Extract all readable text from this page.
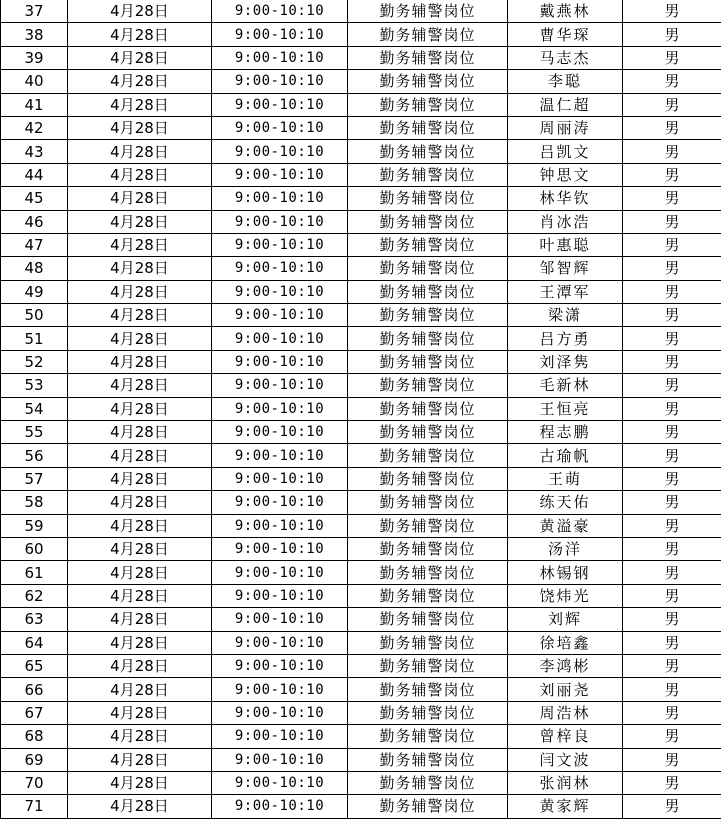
37	4月28日	9:00-10:10	勤务辅警岗位	戴燕林	男
38	4月28日	9:00-10:10	勤务辅警岗位	曹华琛	男
39	4月28日	9:00-10:10	勤务辅警岗位	马志杰	男
40	4月28日	9:00-10:10	勤务辅警岗位	李聪	男
41	4月28日	9:00-10:10	勤务辅警岗位	温仁超	男
42	4月28日	9:00-10:10	勤务辅警岗位	周丽涛	男
43	4月28日	9:00-10:10	勤务辅警岗位	吕凯文	男
44	4月28日	9:00-10:10	勤务辅警岗位	钟思文	男
45	4月28日	9:00-10:10	勤务辅警岗位	林华钦	男
46	4月28日	9:00-10:10	勤务辅警岗位	肖冰浩	男
47	4月28日	9:00-10:10	勤务辅警岗位	叶惠聪	男
48	4月28日	9:00-10:10	勤务辅警岗位	邹智辉	男
49	4月28日	9:00-10:10	勤务辅警岗位	王潭军	男
50	4月28日	9:00-10:10	勤务辅警岗位	梁潇	男
51	4月28日	9:00-10:10	勤务辅警岗位	吕方勇	男
52	4月28日	9:00-10:10	勤务辅警岗位	刘泽隽	男
53	4月28日	9:00-10:10	勤务辅警岗位	毛新林	男
54	4月28日	9:00-10:10	勤务辅警岗位	王恒亮	男
55	4月28日	9:00-10:10	勤务辅警岗位	程志鹏	男
56	4月28日	9:00-10:10	勤务辅警岗位	古瑜帆	男
57	4月28日	9:00-10:10	勤务辅警岗位	王萌	男
58	4月28日	9:00-10:10	勤务辅警岗位	练天佑	男
59	4月28日	9:00-10:10	勤务辅警岗位	黄溢豪	男
60	4月28日	9:00-10:10	勤务辅警岗位	汤洋	男
61	4月28日	9:00-10:10	勤务辅警岗位	林锡钢	男
62	4月28日	9:00-10:10	勤务辅警岗位	饶炜光	男
63	4月28日	9:00-10:10	勤务辅警岗位	刘辉	男
64	4月28日	9:00-10:10	勤务辅警岗位	徐培鑫	男
65	4月28日	9:00-10:10	勤务辅警岗位	李鸿彬	男
66	4月28日	9:00-10:10	勤务辅警岗位	刘丽尧	男
67	4月28日	9:00-10:10	勤务辅警岗位	周浩林	男
68	4月28日	9:00-10:10	勤务辅警岗位	曾梓良	男
69	4月28日	9:00-10:10	勤务辅警岗位	闫文波	男
70	4月28日	9:00-10:10	勤务辅警岗位	张润林	男
71	4月28日	9:00-10:10	勤务辅警岗位	黄家辉	男
